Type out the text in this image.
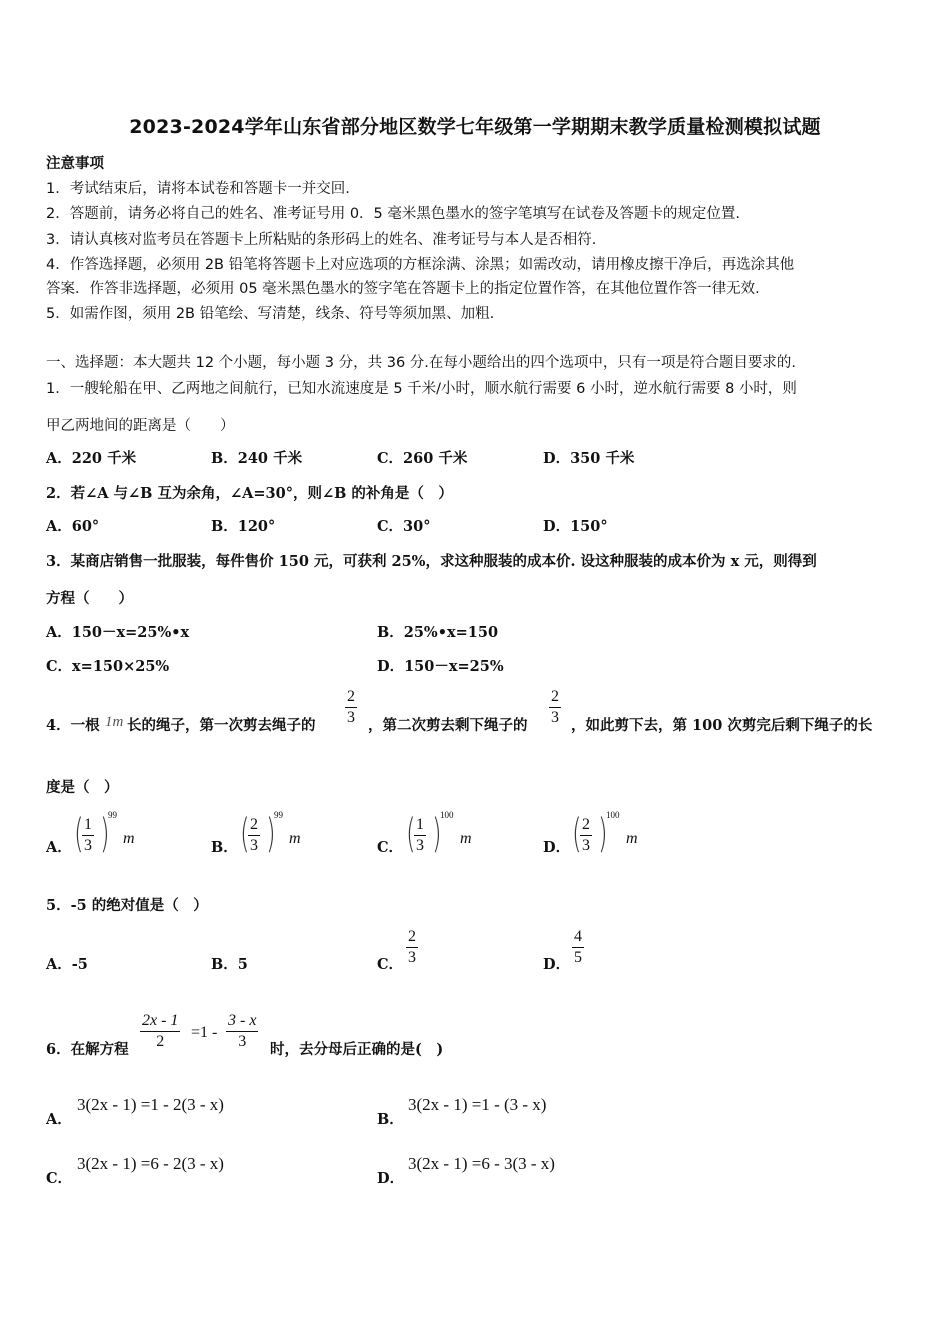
2023-2024学年山东省部分地区数学七年级第一学期期末教学质量检测模拟试题
注意事项
1．考试结束后，请将本试卷和答题卡一并交回.
2．答题前，请务必将自己的姓名、准考证号用 0．5 毫米黑色墨水的签字笔填写在试卷及答题卡的规定位置.
3．请认真核对监考员在答题卡上所粘贴的条形码上的姓名、准考证号与本人是否相符.
4．作答选择题，必须用 2B 铅笔将答题卡上对应选项的方框涂满、涂黑；如需改动，请用橡皮擦干净后，再选涂其他
答案．作答非选择题，必须用 05 毫米黑色墨水的签字笔在答题卡上的指定位置作答，在其他位置作答一律无效.
5．如需作图，须用 2B 铅笔绘、写清楚，线条、符号等须加黑、加粗.
一、选择题：本大题共 12 个小题，每小题 3 分，共 36 分.在每小题给出的四个选项中，只有一项是符合题目要求的.
1．一艘轮船在甲、乙两地之间航行，已知水流速度是 5 千米/小时，顺水航行需要 6 小时，逆水航行需要 8 小时，则
甲乙两地间的距离是（　　）
A．220 千米	B．240 千米	C．260 千米	D．350 千米
2．若∠A 与∠B 互为余角，∠A=30°，则∠B 的补角是（　）
A．60°	B．120°	C．30°	D．150°
3．某商店销售一批服装，每件售价 150 元，可获利 25%，求这种服装的成本价. 设这种服装的成本价为 x 元，则得到
方程（　　）
A．150－x=25%•x	B．25%•x=150
C．x=150×25%	D．150－x=25%
4．一根 1m 长的绳子，第一次剪去绳子的
2
3 ，第二次剪去剩下绳子的
2
3 ，如此剪下去，第 100 次剪完后剩下绳子的长
度是（　）
A． ( 1
3 )
99
m
B． ( 2
3 )
99
m
C． ( 1
3 )
100
m
D． ( 2
3 )
100
m
5．-5 的绝对值是（　）
A．-5	B．5	C．
2
3	D．
4
5
6．在解方程
2x - 1
2
=1 -
3 - x
3	时，去分母后正确的是(　)
A．
3(2x - 1) =1 - 2(3 - x)
B．
3(2x - 1) =1 - (3 - x)
C．
3(2x - 1) =6 - 2(3 - x)
D．
3(2x - 1) =6 - 3(3 - x)
